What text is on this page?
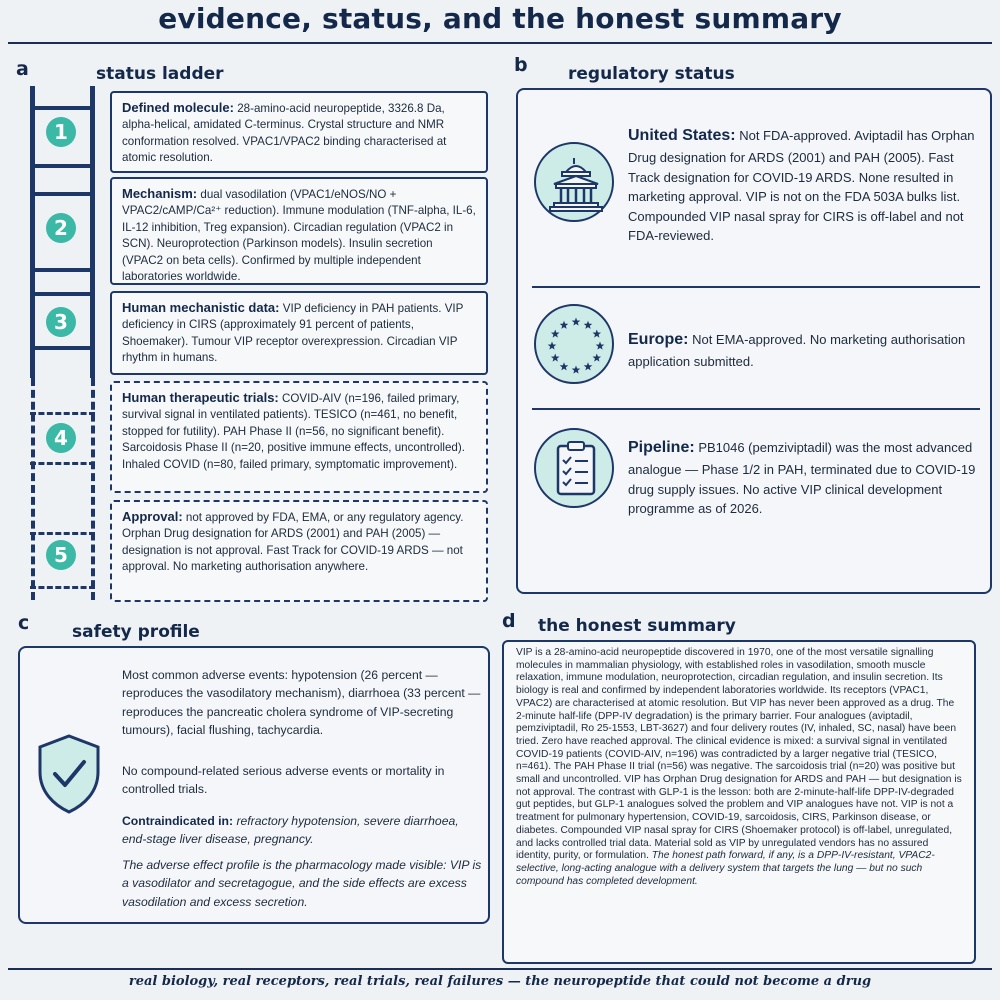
evidence, status, and the honest summary
a	status ladder
1
2
3
4
5
Defined molecule: 28-amino-acid neuropeptide, 3326.8 Da, alpha-helical, amidated C-terminus. Crystal structure and NMR conformation resolved. VPAC1/VPAC2 binding characterised at atomic resolution.
Mechanism: dual vasodilation (VPAC1/eNOS/NO + VPAC2/cAMP/Ca²⁺ reduction). Immune modulation (TNF-alpha, IL-6, IL-12 inhibition, Treg expansion). Circadian regulation (VPAC2 in SCN). Neuroprotection (Parkinson models). Insulin secretion (VPAC2 on beta cells). Confirmed by multiple independent laboratories worldwide.
Human mechanistic data: VIP deficiency in PAH patients. VIP deficiency in CIRS (approximately 91 percent of patients, Shoemaker). Tumour VIP receptor overexpression. Circadian VIP rhythm in humans.
Human therapeutic trials: COVID-AIV (n=196, failed primary, survival signal in ventilated patients). TESICO (n=461, no benefit, stopped for futility). PAH Phase II (n=56, no significant benefit). Sarcoidosis Phase II (n=20, positive immune effects, uncontrolled). Inhaled COVID (n=80, failed primary, symptomatic improvement).
Approval: not approved by FDA, EMA, or any regulatory agency. Orphan Drug designation for ARDS (2001) and PAH (2005) — designation is not approval. Fast Track for COVID-19 ARDS — not approval. No marketing authorisation anywhere.
b regulatory status
United States: Not FDA-approved. Aviptadil has Orphan Drug designation for ARDS (2001) and PAH (2005). Fast Track designation for COVID-19 ARDS. None resulted in marketing approval. VIP is not on the FDA 503A bulks list. Compounded VIP nasal spray for CIRS is off-label and not FDA-reviewed.
Europe: Not EMA-approved. No marketing authorisation application submitted.
Pipeline: PB1046 (pemziviptadil) was the most advanced analogue — Phase 1/2 in PAH, terminated due to COVID-19 drug supply issues. No active VIP clinical development programme as of 2026.
c	safety profile
Most common adverse events: hypotension (26 percent — reproduces the vasodilatory mechanism), diarrhoea (33 percent — reproduces the pancreatic cholera syndrome of VIP-secreting tumours), facial flushing, tachycardia.
No compound-related serious adverse events or mortality in controlled trials.
Contraindicated in: refractory hypotension, severe diarrhoea, end-stage liver disease, pregnancy.
The adverse effect profile is the pharmacology made visible: VIP is a vasodilator and secretagogue, and the side effects are excess vasodilation and excess secretion.
d the honest summary
VIP is a 28-amino-acid neuropeptide discovered in 1970, one of the most versatile signalling molecules in mammalian physiology, with established roles in vasodilation, smooth muscle relaxation, immune modulation, neuroprotection, circadian regulation, and insulin secretion. Its biology is real and confirmed by independent laboratories worldwide. Its receptors (VPAC1, VPAC2) are characterised at atomic resolution. But VIP has never been approved as a drug. The 2-minute half-life (DPP-IV degradation) is the primary barrier. Four analogues (aviptadil, pemziviptadil, Ro 25-1553, LBT-3627) and four delivery routes (IV, inhaled, SC, nasal) have been tried. Zero have reached approval. The clinical evidence is mixed: a survival signal in ventilated COVID-19 patients (COVID-AIV, n=196) was contradicted by a larger negative trial (TESICO, n=461). The PAH Phase II trial (n=56) was negative. The sarcoidosis trial (n=20) was positive but small and uncontrolled. VIP has Orphan Drug designation for ARDS and PAH — but designation is not approval. The contrast with GLP-1 is the lesson: both are 2-minute-half-life DPP-IV-degraded gut peptides, but GLP-1 analogues solved the problem and VIP analogues have not. VIP is not a treatment for pulmonary hypertension, COVID-19, sarcoidosis, CIRS, Parkinson disease, or diabetes. Compounded VIP nasal spray for CIRS (Shoemaker protocol) is off-label, unregulated, and lacks controlled trial data. Material sold as VIP by unregulated vendors has no assured identity, purity, or formulation. The honest path forward, if any, is a DPP-IV-resistant, VPAC2-selective, long-acting analogue with a delivery system that targets the lung — but no such compound has completed development.
real biology, real receptors, real trials, real failures — the neuropeptide that could not become a drug
